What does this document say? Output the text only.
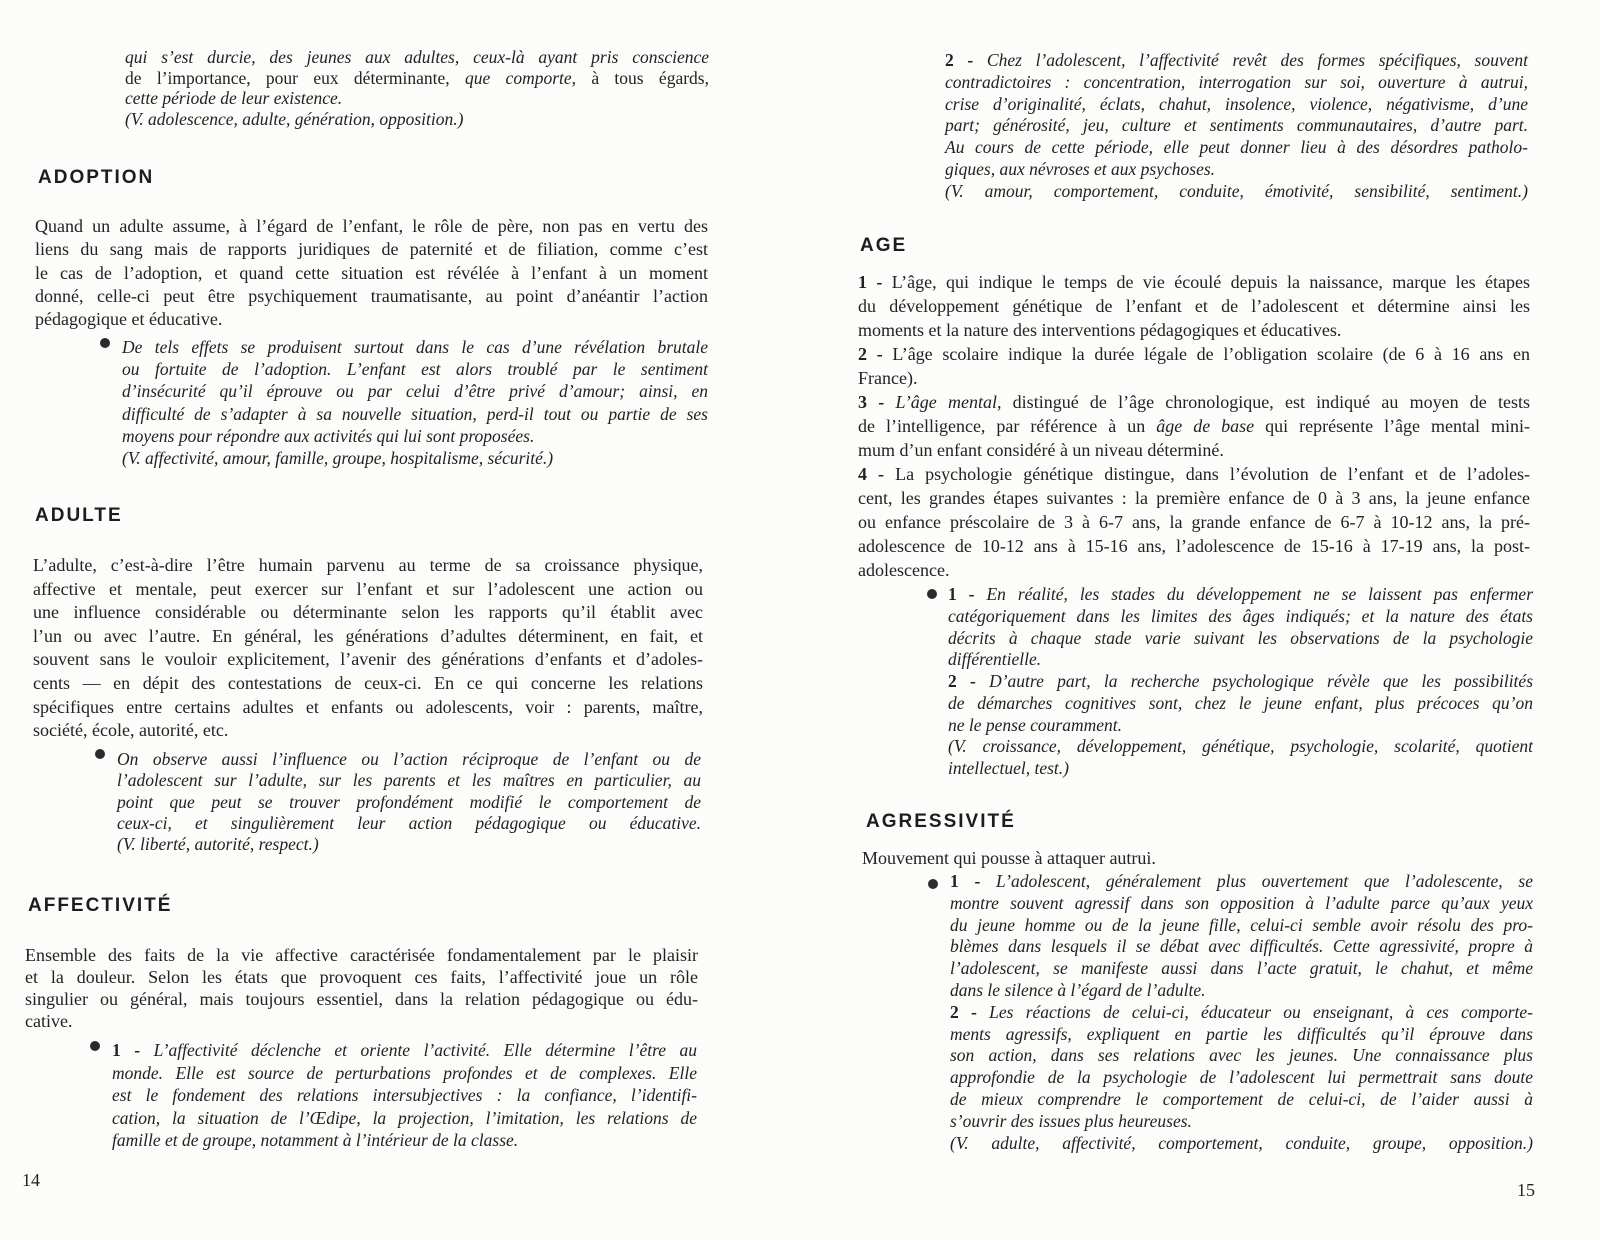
qui s’est durcie, des jeunes aux adultes, ceux-là ayant pris conscience
de l’importance, pour eux déterminante, que comporte, à tous égards,
cette période de leur existence.
(V. adolescence, adulte, génération, opposition.)
ADOPTION
Quand un adulte assume, à l’égard de l’enfant, le rôle de père, non pas en vertu des
liens du sang mais de rapports juridiques de paternité et de filiation, comme c’est
le cas de l’adoption, et quand cette situation est révélée à l’enfant à un moment
donné, celle-ci peut être psychiquement traumatisante, au point d’anéantir l’action
pédagogique et éducative.
De tels effets se produisent surtout dans le cas d’une révélation brutale
ou fortuite de l’adoption. L’enfant est alors troublé par le sentiment
d’insécurité qu’il éprouve ou par celui d’être privé d’amour; ainsi, en
difficulté de s’adapter à sa nouvelle situation, perd-il tout ou partie de ses
moyens pour répondre aux activités qui lui sont proposées.
(V. affectivité, amour, famille, groupe, hospitalisme, sécurité.)
ADULTE
L’adulte, c’est-à-dire l’être humain parvenu au terme de sa croissance physique,
affective et mentale, peut exercer sur l’enfant et sur l’adolescent une action ou
une influence considérable ou déterminante selon les rapports qu’il établit avec
l’un ou avec l’autre. En général, les générations d’adultes déterminent, en fait, et
souvent sans le vouloir explicitement, l’avenir des générations d’enfants et d’adoles-
cents — en dépit des contestations de ceux-ci. En ce qui concerne les relations
spécifiques entre certains adultes et enfants ou adolescents, voir : parents, maître,
société, école, autorité, etc.
On observe aussi l’influence ou l’action réciproque de l’enfant ou de
l’adolescent sur l’adulte, sur les parents et les maîtres en particulier, au
point que peut se trouver profondément modifié le comportement de
ceux-ci, et singulièrement leur action pédagogique ou éducative.
(V. liberté, autorité, respect.)
AFFECTIVITÉ
Ensemble des faits de la vie affective caractérisée fondamentalement par le plaisir
et la douleur. Selon les états que provoquent ces faits, l’affectivité joue un rôle
singulier ou général, mais toujours essentiel, dans la relation pédagogique ou édu-
cative.
1 - L’affectivité déclenche et oriente l’activité. Elle détermine l’être au
monde. Elle est source de perturbations profondes et de complexes. Elle
est le fondement des relations intersubjectives : la confiance, l’identifi-
cation, la situation de l’Œdipe, la projection, l’imitation, les relations de
famille et de groupe, notamment à l’intérieur de la classe.
14
2 - Chez l’adolescent, l’affectivité revêt des formes spécifiques, souvent
contradictoires : concentration, interrogation sur soi, ouverture à autrui,
crise d’originalité, éclats, chahut, insolence, violence, négativisme, d’une
part; générosité, jeu, culture et sentiments communautaires, d’autre part.
Au cours de cette période, elle peut donner lieu à des désordres patholo-
giques, aux névroses et aux psychoses.
(V. amour, comportement, conduite, émotivité, sensibilité, sentiment.)
AGE
1 - L’âge, qui indique le temps de vie écoulé depuis la naissance, marque les étapes
du développement génétique de l’enfant et de l’adolescent et détermine ainsi les
moments et la nature des interventions pédagogiques et éducatives.
2 - L’âge scolaire indique la durée légale de l’obligation scolaire (de 6 à 16 ans en
France).
3 - L’âge mental, distingué de l’âge chronologique, est indiqué au moyen de tests
de l’intelligence, par référence à un âge de base qui représente l’âge mental mini-
mum d’un enfant considéré à un niveau déterminé.
4 - La psychologie génétique distingue, dans l’évolution de l’enfant et de l’adoles-
cent, les grandes étapes suivantes : la première enfance de 0 à 3 ans, la jeune enfance
ou enfance préscolaire de 3 à 6-7 ans, la grande enfance de 6-7 à 10-12 ans, la pré-
adolescence de 10-12 ans à 15-16 ans, l’adolescence de 15-16 à 17-19 ans, la post-
adolescence.
1 - En réalité, les stades du développement ne se laissent pas enfermer
catégoriquement dans les limites des âges indiqués; et la nature des états
décrits à chaque stade varie suivant les observations de la psychologie
différentielle.
2 - D’autre part, la recherche psychologique révèle que les possibilités
de démarches cognitives sont, chez le jeune enfant, plus précoces qu’on
ne le pense couramment.
(V. croissance, développement, génétique, psychologie, scolarité, quotient
intellectuel, test.)
AGRESSIVITÉ
Mouvement qui pousse à attaquer autrui.
1 - L’adolescent, généralement plus ouvertement que l’adolescente, se
montre souvent agressif dans son opposition à l’adulte parce qu’aux yeux
du jeune homme ou de la jeune fille, celui-ci semble avoir résolu des pro-
blèmes dans lesquels il se débat avec difficultés. Cette agressivité, propre à
l’adolescent, se manifeste aussi dans l’acte gratuit, le chahut, et même
dans le silence à l’égard de l’adulte.
2 - Les réactions de celui-ci, éducateur ou enseignant, à ces comporte-
ments agressifs, expliquent en partie les difficultés qu’il éprouve dans
son action, dans ses relations avec les jeunes. Une connaissance plus
approfondie de la psychologie de l’adolescent lui permettrait sans doute
de mieux comprendre le comportement de celui-ci, de l’aider aussi à
s’ouvrir des issues plus heureuses.
(V. adulte, affectivité, comportement, conduite, groupe, opposition.)
15
